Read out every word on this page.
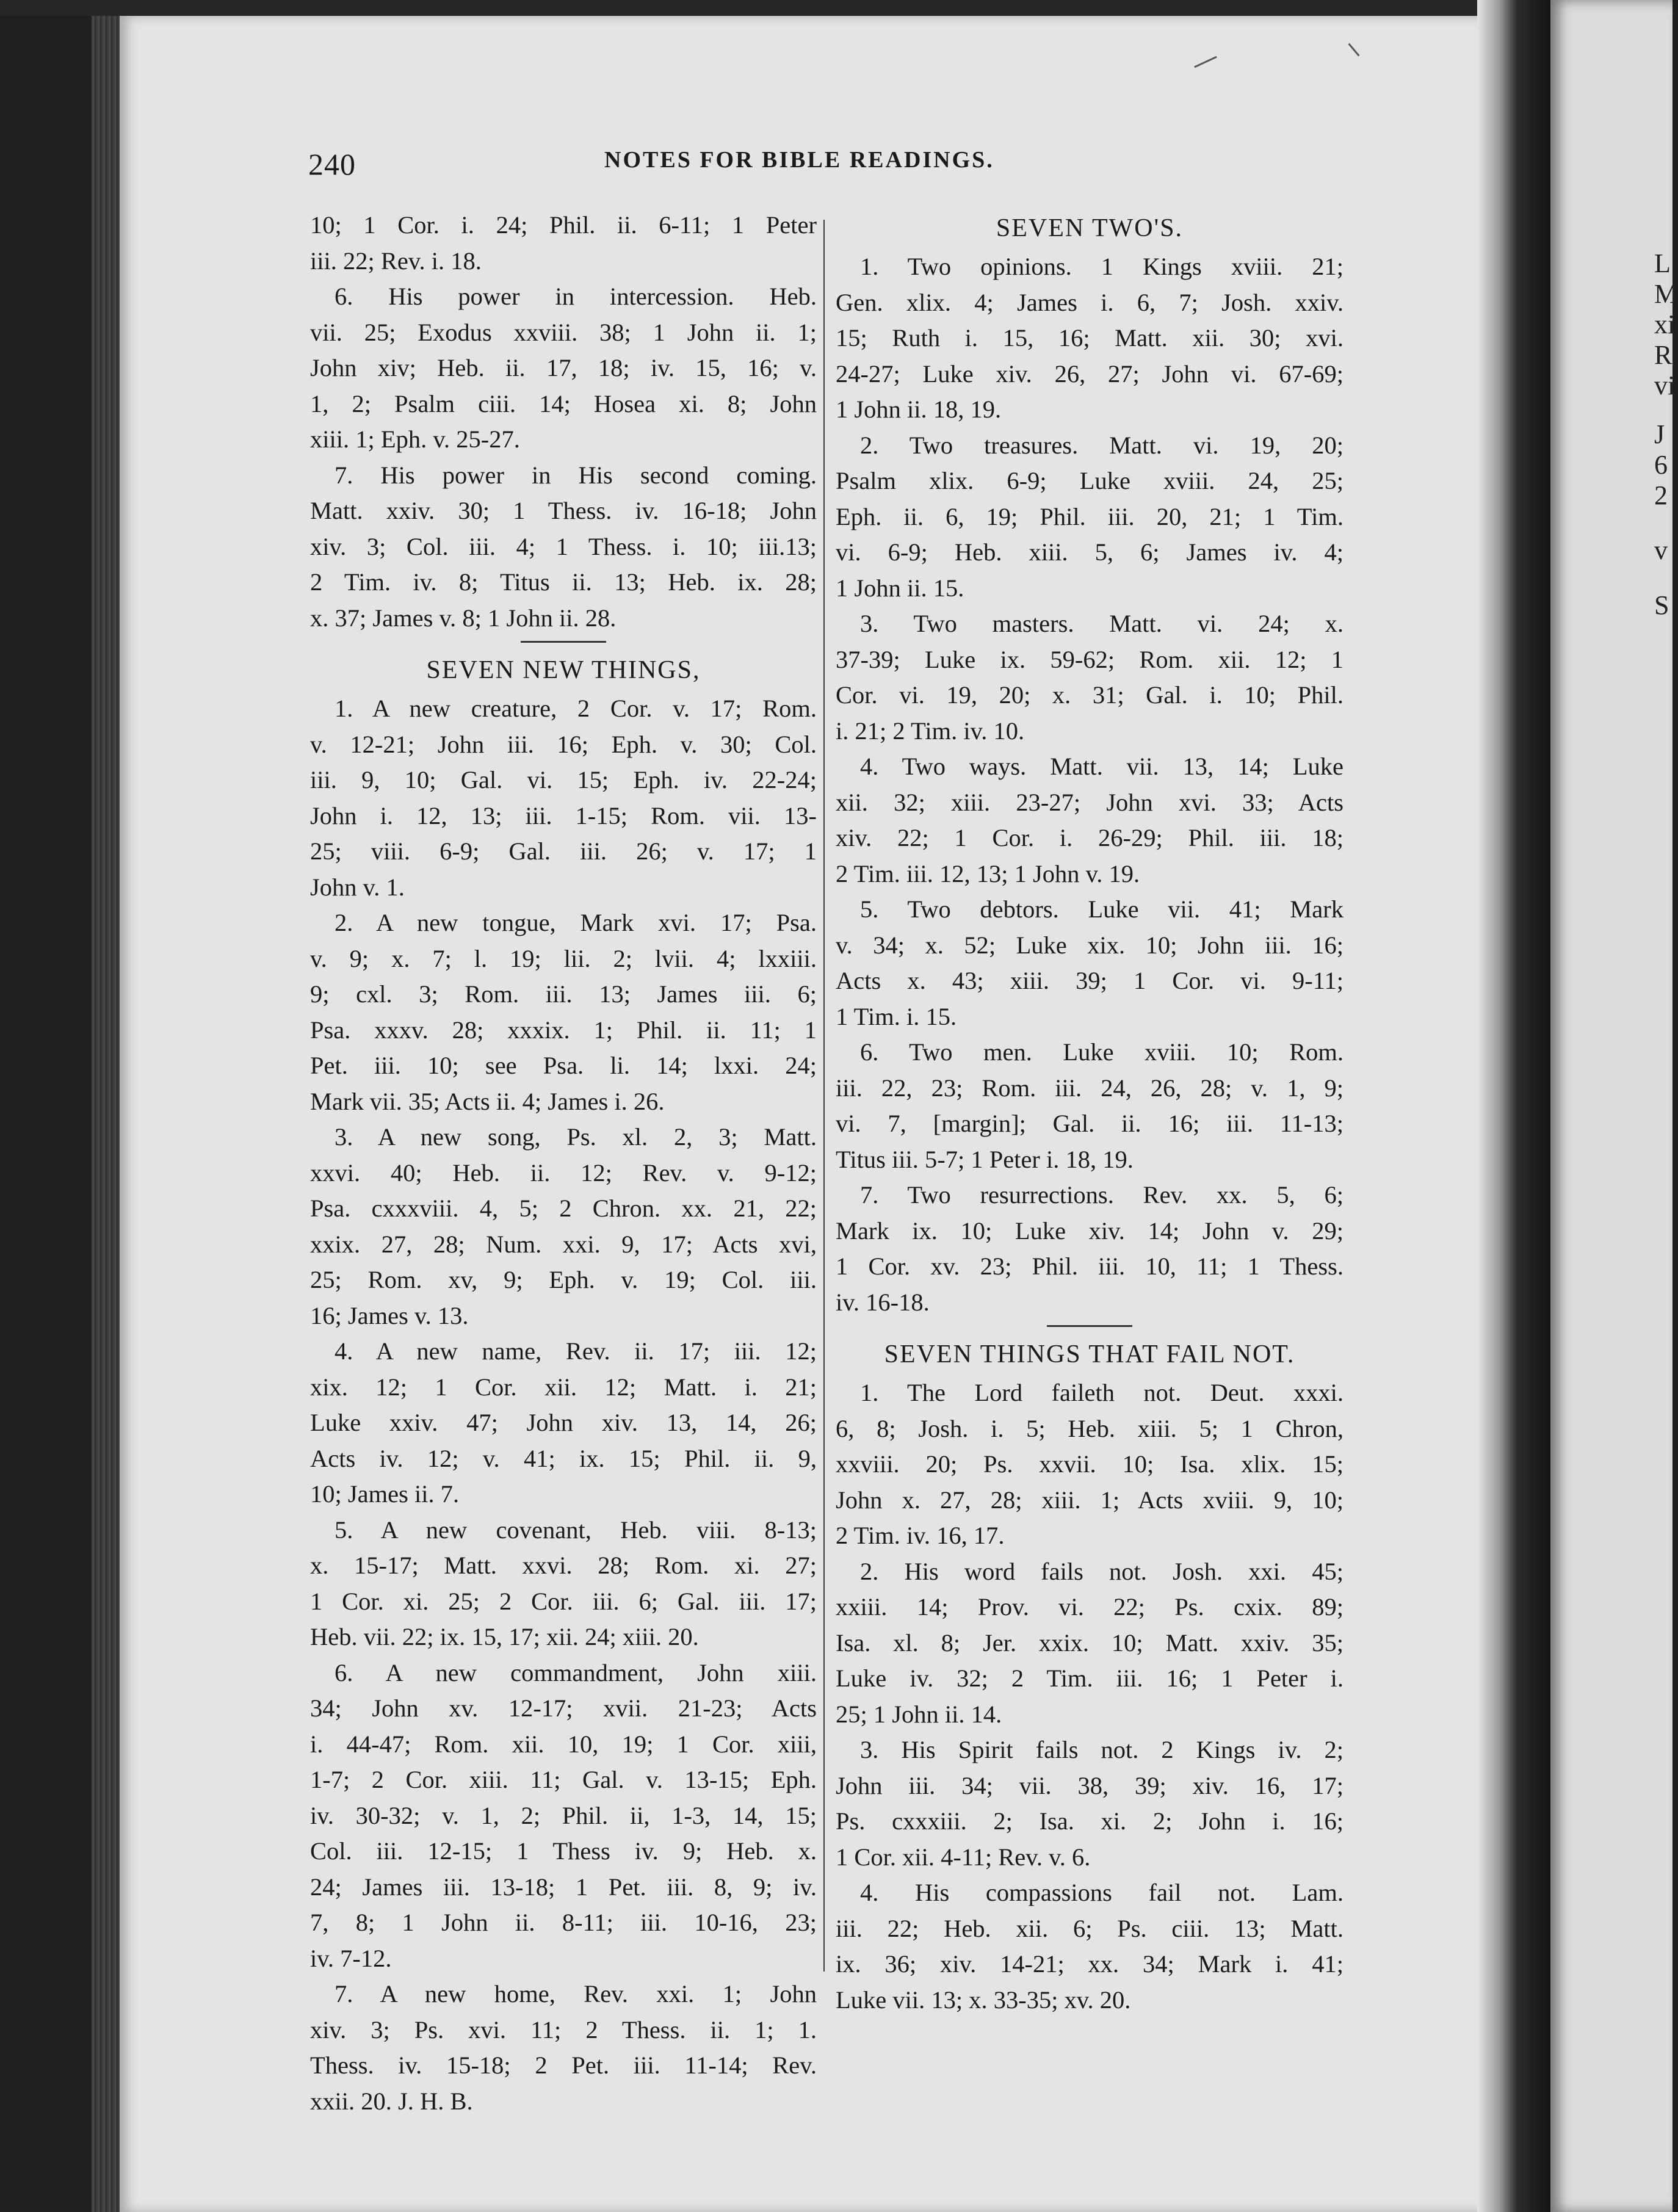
L
M
xi
R
vi
J
6
2
v
S
240	NOTES FOR BIBLE READINGS.
10; 1 Cor. i. 24; Phil. ii. 6-11; 1 Peter
iii. 22; Rev. i. 18.
6. His power in intercession. Heb.
vii. 25; Exodus xxviii. 38; 1 John ii. 1;
John xiv; Heb. ii. 17, 18; iv. 15, 16; v.
1, 2; Psalm ciii. 14; Hosea xi. 8; John
xiii. 1; Eph. v. 25-27.
7. His power in His second coming.
Matt. xxiv. 30; 1 Thess. iv. 16-18; John
xiv. 3; Col. iii. 4; 1 Thess. i. 10; iii.13;
2 Tim. iv. 8; Titus ii. 13; Heb. ix. 28;
x. 37; James v. 8; 1 John ii. 28.
SEVEN NEW THINGS,
1. A new creature, 2 Cor. v. 17; Rom.
v. 12-21; John iii. 16; Eph. v. 30; Col.
iii. 9, 10; Gal. vi. 15; Eph. iv. 22-24;
John i. 12, 13; iii. 1-15; Rom. vii. 13-
25; viii. 6-9; Gal. iii. 26; v. 17; 1
John v. 1.
2. A new tongue, Mark xvi. 17; Psa.
v. 9; x. 7; l. 19; lii. 2; lvii. 4; lxxiii.
9; cxl. 3; Rom. iii. 13; James iii. 6;
Psa. xxxv. 28; xxxix. 1; Phil. ii. 11; 1
Pet. iii. 10; see Psa. li. 14; lxxi. 24;
Mark vii. 35; Acts ii. 4; James i. 26.
3. A new song, Ps. xl. 2, 3; Matt.
xxvi. 40; Heb. ii. 12; Rev. v. 9-12;
Psa. cxxxviii. 4, 5; 2 Chron. xx. 21, 22;
xxix. 27, 28; Num. xxi. 9, 17; Acts xvi,
25; Rom. xv, 9; Eph. v. 19; Col. iii.
16; James v. 13.
4. A new name, Rev. ii. 17; iii. 12;
xix. 12; 1 Cor. xii. 12; Matt. i. 21;
Luke xxiv. 47; John xiv. 13, 14, 26;
Acts iv. 12; v. 41; ix. 15; Phil. ii. 9,
10; James ii. 7.
5. A new covenant, Heb. viii. 8-13;
x. 15-17; Matt. xxvi. 28; Rom. xi. 27;
1 Cor. xi. 25; 2 Cor. iii. 6; Gal. iii. 17;
Heb. vii. 22; ix. 15, 17; xii. 24; xiii. 20.
6. A new commandment, John xiii.
34; John xv. 12-17; xvii. 21-23; Acts
i. 44-47; Rom. xii. 10, 19; 1 Cor. xiii,
1-7; 2 Cor. xiii. 11; Gal. v. 13-15; Eph.
iv. 30-32; v. 1, 2; Phil. ii, 1-3, 14, 15;
Col. iii. 12-15; 1 Thess iv. 9; Heb. x.
24; James iii. 13-18; 1 Pet. iii. 8, 9; iv.
7, 8; 1 John ii. 8-11; iii. 10-16, 23;
iv. 7-12.
7. A new home, Rev. xxi. 1; John
xiv. 3; Ps. xvi. 11; 2 Thess. ii. 1; 1.
Thess. iv. 15-18; 2 Pet. iii. 11-14; Rev.
xxii. 20. J. H. B.
SEVEN TWO'S.
1. Two opinions. 1 Kings xviii. 21;
Gen. xlix. 4; James i. 6, 7; Josh. xxiv.
15; Ruth i. 15, 16; Matt. xii. 30; xvi.
24-27; Luke xiv. 26, 27; John vi. 67-69;
1 John ii. 18, 19.
2. Two treasures. Matt. vi. 19, 20;
Psalm xlix. 6-9; Luke xviii. 24, 25;
Eph. ii. 6, 19; Phil. iii. 20, 21; 1 Tim.
vi. 6-9; Heb. xiii. 5, 6; James iv. 4;
1 John ii. 15.
3. Two masters. Matt. vi. 24; x.
37-39; Luke ix. 59-62; Rom. xii. 12; 1
Cor. vi. 19, 20; x. 31; Gal. i. 10; Phil.
i. 21; 2 Tim. iv. 10.
4. Two ways. Matt. vii. 13, 14; Luke
xii. 32; xiii. 23-27; John xvi. 33; Acts
xiv. 22; 1 Cor. i. 26-29; Phil. iii. 18;
2 Tim. iii. 12, 13; 1 John v. 19.
5. Two debtors. Luke vii. 41; Mark
v. 34; x. 52; Luke xix. 10; John iii. 16;
Acts x. 43; xiii. 39; 1 Cor. vi. 9-11;
1 Tim. i. 15.
6. Two men. Luke xviii. 10; Rom.
iii. 22, 23; Rom. iii. 24, 26, 28; v. 1, 9;
vi. 7, [margin]; Gal. ii. 16; iii. 11-13;
Titus iii. 5-7; 1 Peter i. 18, 19.
7. Two resurrections. Rev. xx. 5, 6;
Mark ix. 10; Luke xiv. 14; John v. 29;
1 Cor. xv. 23; Phil. iii. 10, 11; 1 Thess.
iv. 16-18.
SEVEN THINGS THAT FAIL NOT.
1. The Lord faileth not. Deut. xxxi.
6, 8; Josh. i. 5; Heb. xiii. 5; 1 Chron,
xxviii. 20; Ps. xxvii. 10; Isa. xlix. 15;
John x. 27, 28; xiii. 1; Acts xviii. 9, 10;
2 Tim. iv. 16, 17.
2. His word fails not. Josh. xxi. 45;
xxiii. 14; Prov. vi. 22; Ps. cxix. 89;
Isa. xl. 8; Jer. xxix. 10; Matt. xxiv. 35;
Luke iv. 32; 2 Tim. iii. 16; 1 Peter i.
25; 1 John ii. 14.
3. His Spirit fails not. 2 Kings iv. 2;
John iii. 34; vii. 38, 39; xiv. 16, 17;
Ps. cxxxiii. 2; Isa. xi. 2; John i. 16;
1 Cor. xii. 4-11; Rev. v. 6.
4. His compassions fail not. Lam.
iii. 22; Heb. xii. 6; Ps. ciii. 13; Matt.
ix. 36; xiv. 14-21; xx. 34; Mark i. 41;
Luke vii. 13; x. 33-35; xv. 20.
